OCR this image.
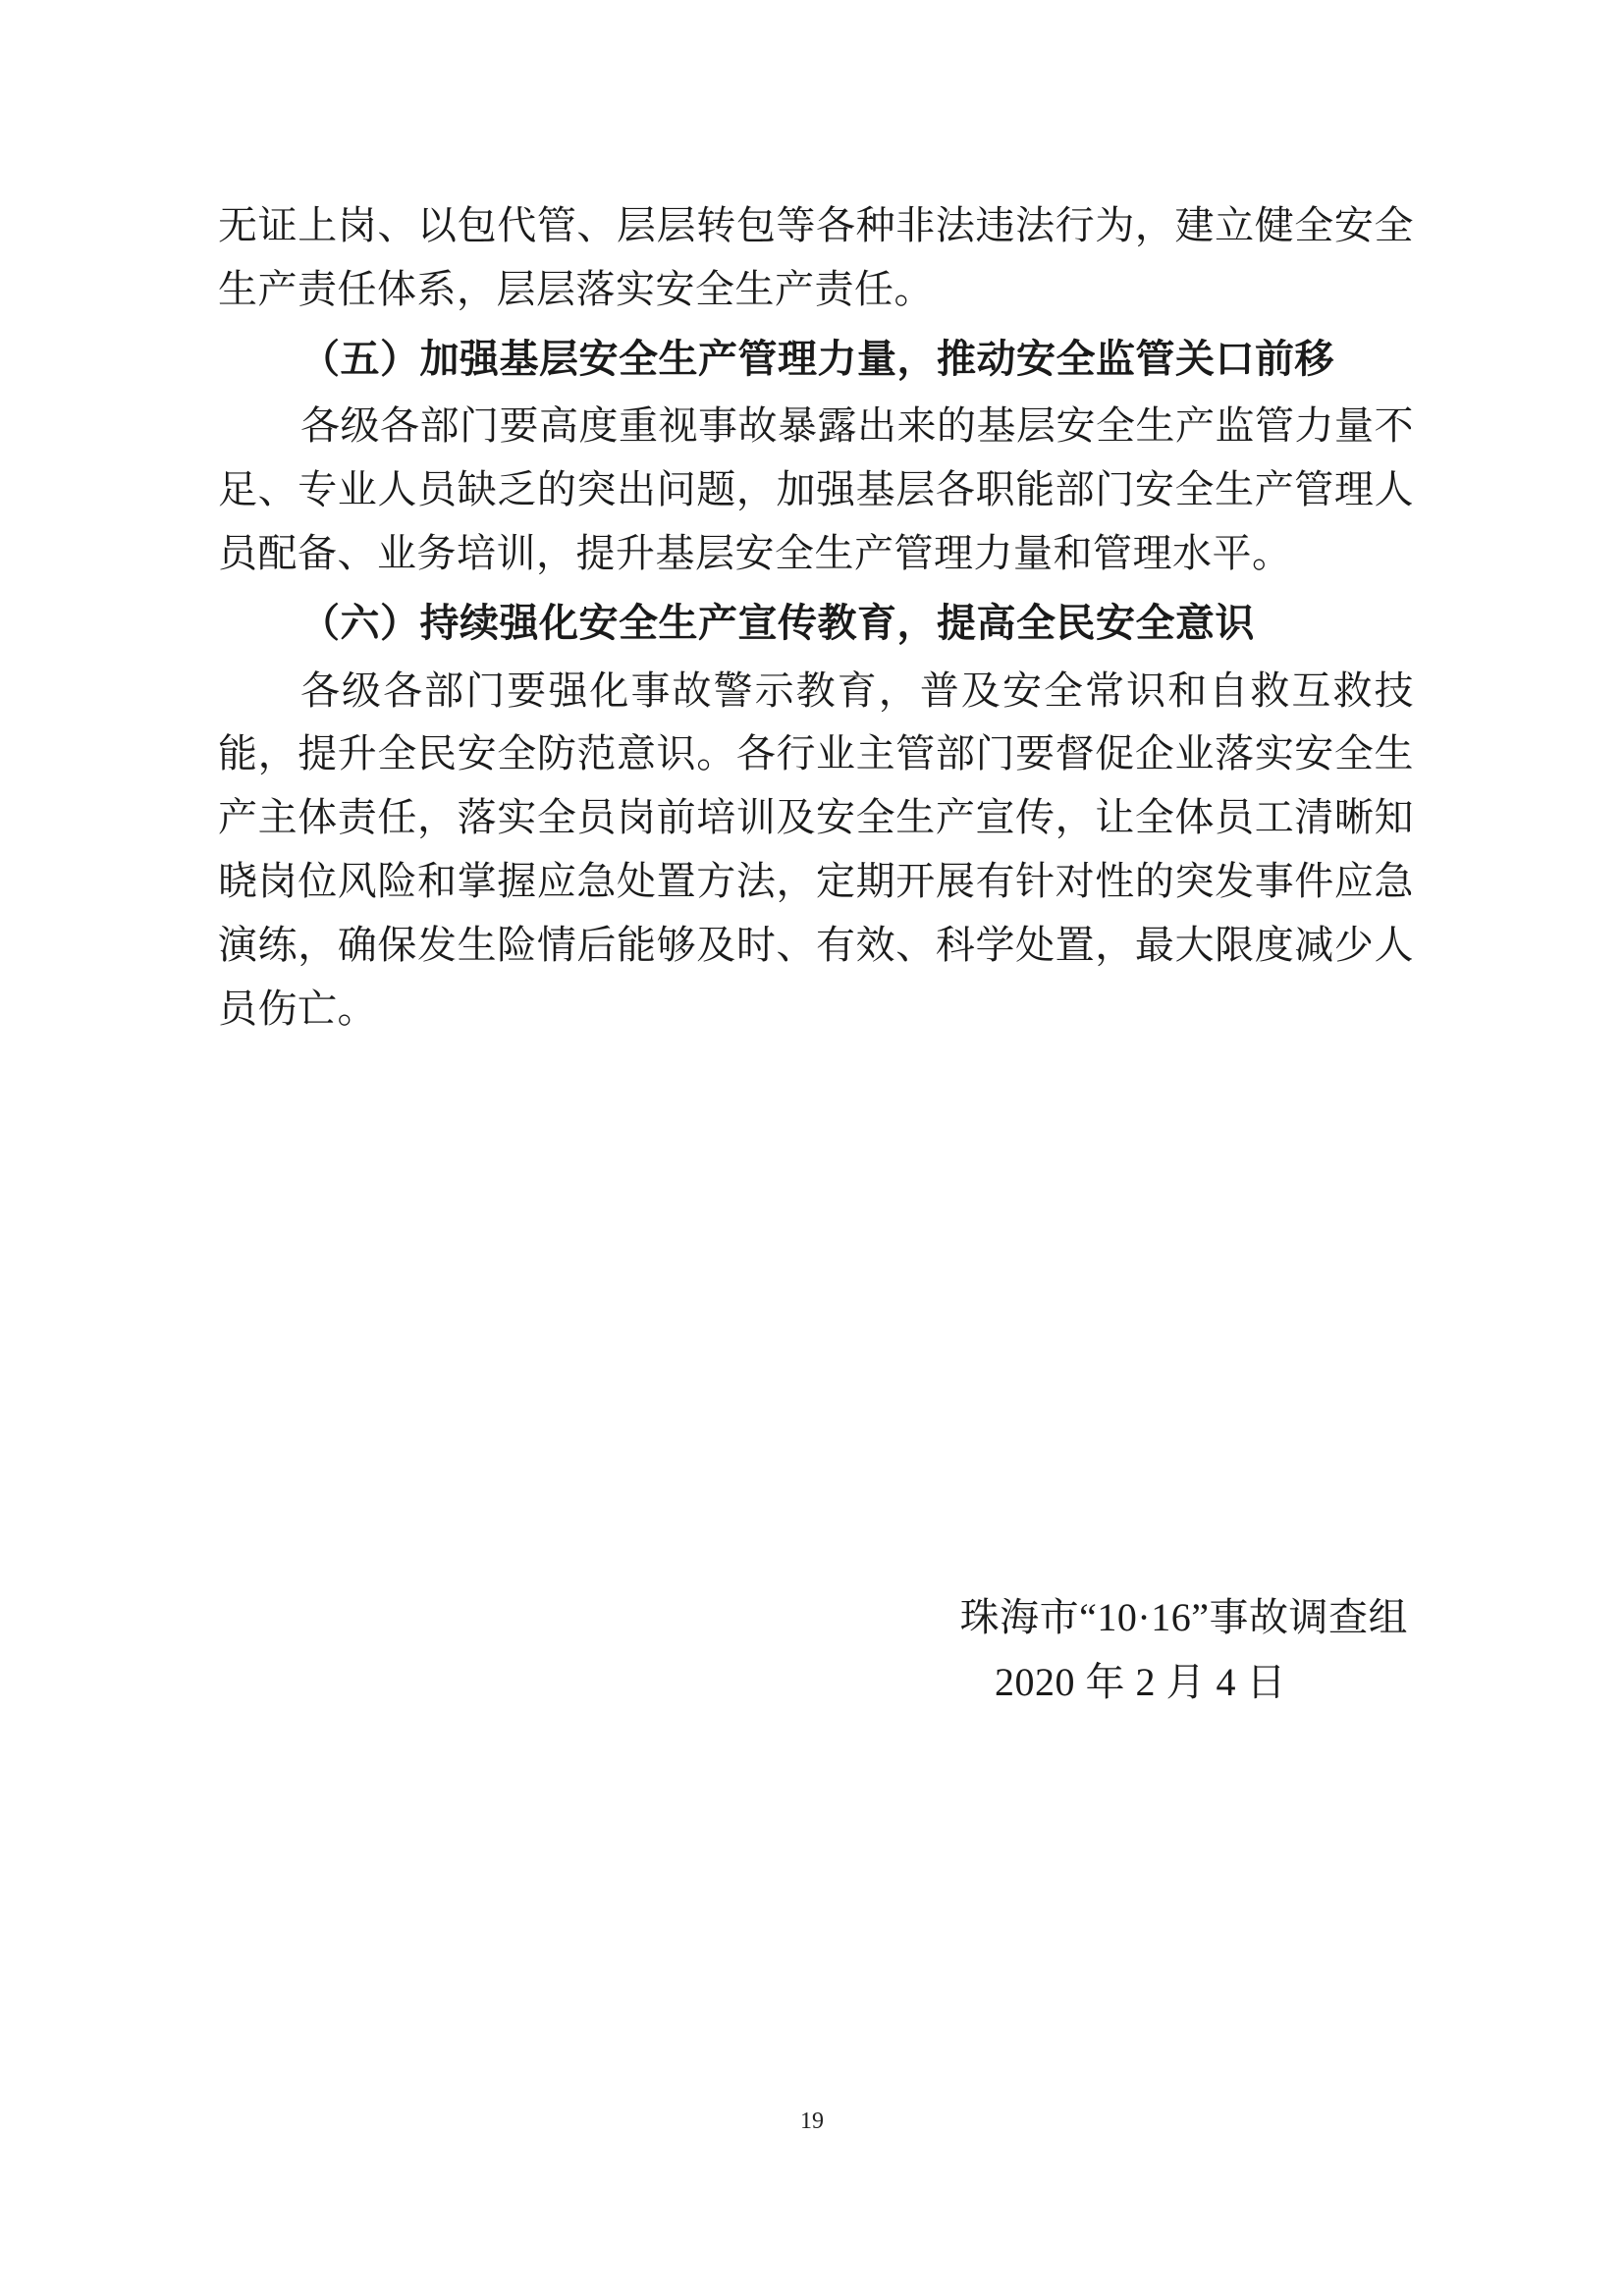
无证上岗、以包代管、层层转包等各种非法违法行为，建立健全安全生产责任体系，层层落实安全生产责任。

（五）加强基层安全生产管理力量，推动安全监管关口前移

各级各部门要高度重视事故暴露出来的基层安全生产监管力量不足、专业人员缺乏的突出问题，加强基层各职能部门安全生产管理人员配备、业务培训，提升基层安全生产管理力量和管理水平。

（六）持续强化安全生产宣传教育，提高全民安全意识

各级各部门要强化事故警示教育，普及安全常识和自救互救技能，提升全民安全防范意识。各行业主管部门要督促企业落实安全生产主体责任，落实全员岗前培训及安全生产宣传，让全体员工清晰知晓岗位风险和掌握应急处置方法，定期开展有针对性的突发事件应急演练，确保发生险情后能够及时、有效、科学处置，最大限度减少人员伤亡。

珠海市“10·16”事故调查组
2020 年 2 月 4 日
19
